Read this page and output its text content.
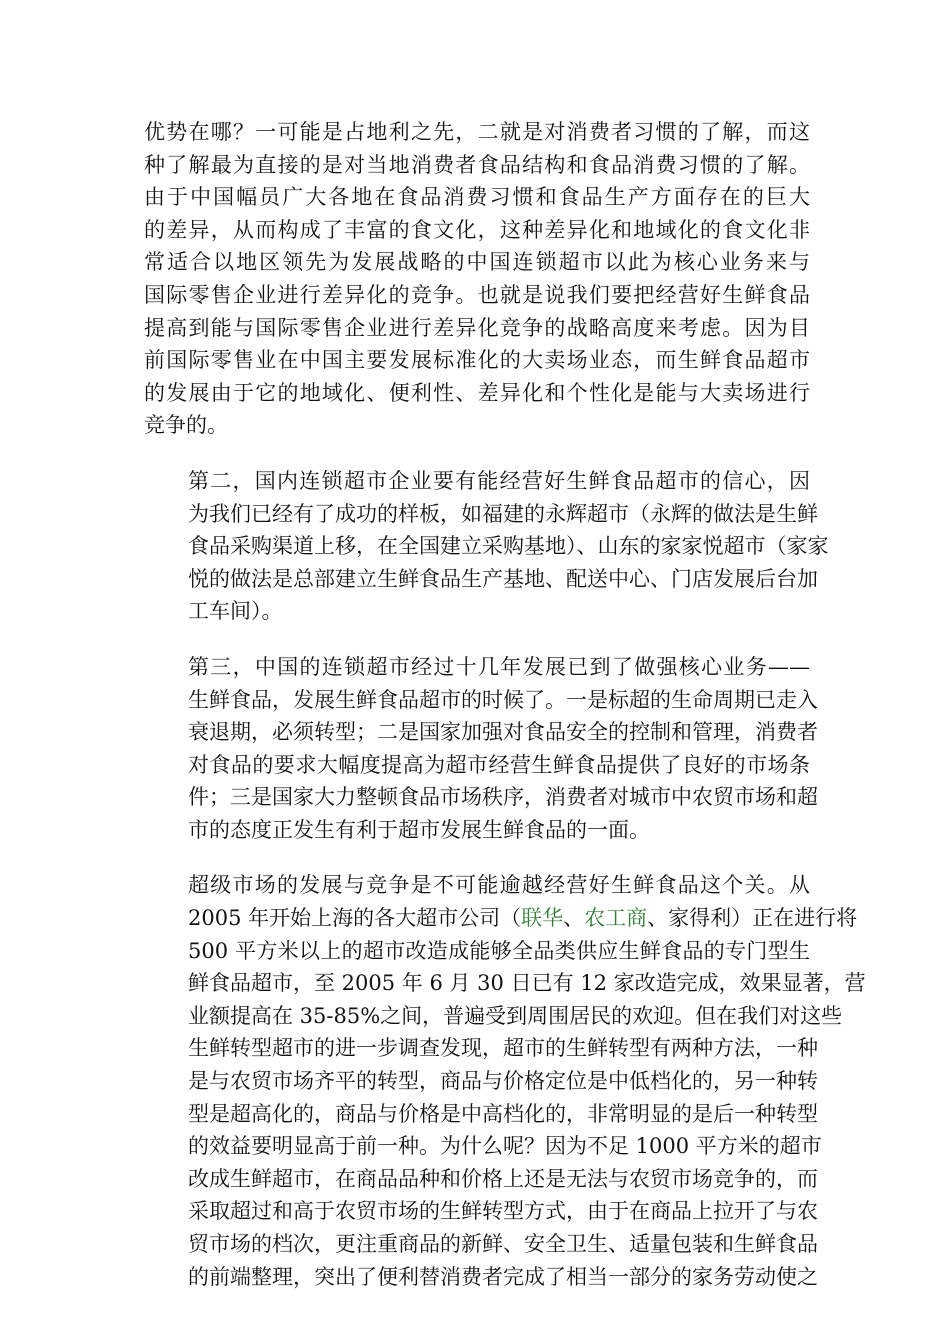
优势在哪？一可能是占地利之先，二就是对消费者习惯的了解，而这
种了解最为直接的是对当地消费者食品结构和食品消费习惯的了解。
由于中国幅员广大各地在食品消费习惯和食品生产方面存在的巨大
的差异，从而构成了丰富的食文化，这种差异化和地域化的食文化非
常适合以地区领先为发展战略的中国连锁超市以此为核心业务来与
国际零售企业进行差异化的竞争。也就是说我们要把经营好生鲜食品
提高到能与国际零售企业进行差异化竞争的战略高度来考虑。因为目
前国际零售业在中国主要发展标准化的大卖场业态，而生鲜食品超市
的发展由于它的地域化、便利性、差异化和个性化是能与大卖场进行
竞争的。
第二，国内连锁超市企业要有能经营好生鲜食品超市的信心，因
为我们已经有了成功的样板，如福建的永辉超市（永辉的做法是生鲜
食品采购渠道上移，在全国建立采购基地）、山东的家家悦超市（家家
悦的做法是总部建立生鲜食品生产基地、配送中心、门店发展后台加
工车间）。
第三，中国的连锁超市经过十几年发展已到了做强核心业务——
生鲜食品，发展生鲜食品超市的时候了。一是标超的生命周期已走入
衰退期，必须转型；二是国家加强对食品安全的控制和管理，消费者
对食品的要求大幅度提高为超市经营生鲜食品提供了良好的市场条
件；三是国家大力整顿食品市场秩序，消费者对城市中农贸市场和超
市的态度正发生有利于超市发展生鲜食品的一面。
超级市场的发展与竞争是不可能逾越经营好生鲜食品这个关。从
2005 年开始上海的各大超市公司（联华、农工商、家得利）正在进行将
500 平方米以上的超市改造成能够全品类供应生鲜食品的专门型生
鲜食品超市，至 2005 年 6 月 30 日已有 12 家改造完成，效果显著，营
业额提高在 35-85%之间，普遍受到周围居民的欢迎。但在我们对这些
生鲜转型超市的进一步调查发现，超市的生鲜转型有两种方法，一种
是与农贸市场齐平的转型，商品与价格定位是中低档化的，另一种转
型是超高化的，商品与价格是中高档化的，非常明显的是后一种转型
的效益要明显高于前一种。为什么呢？因为不足 1000 平方米的超市
改成生鲜超市，在商品品种和价格上还是无法与农贸市场竞争的，而
采取超过和高于农贸市场的生鲜转型方式，由于在商品上拉开了与农
贸市场的档次，更注重商品的新鲜、安全卫生、适量包装和生鲜食品
的前端整理，突出了便利替消费者完成了相当一部分的家务劳动使之
